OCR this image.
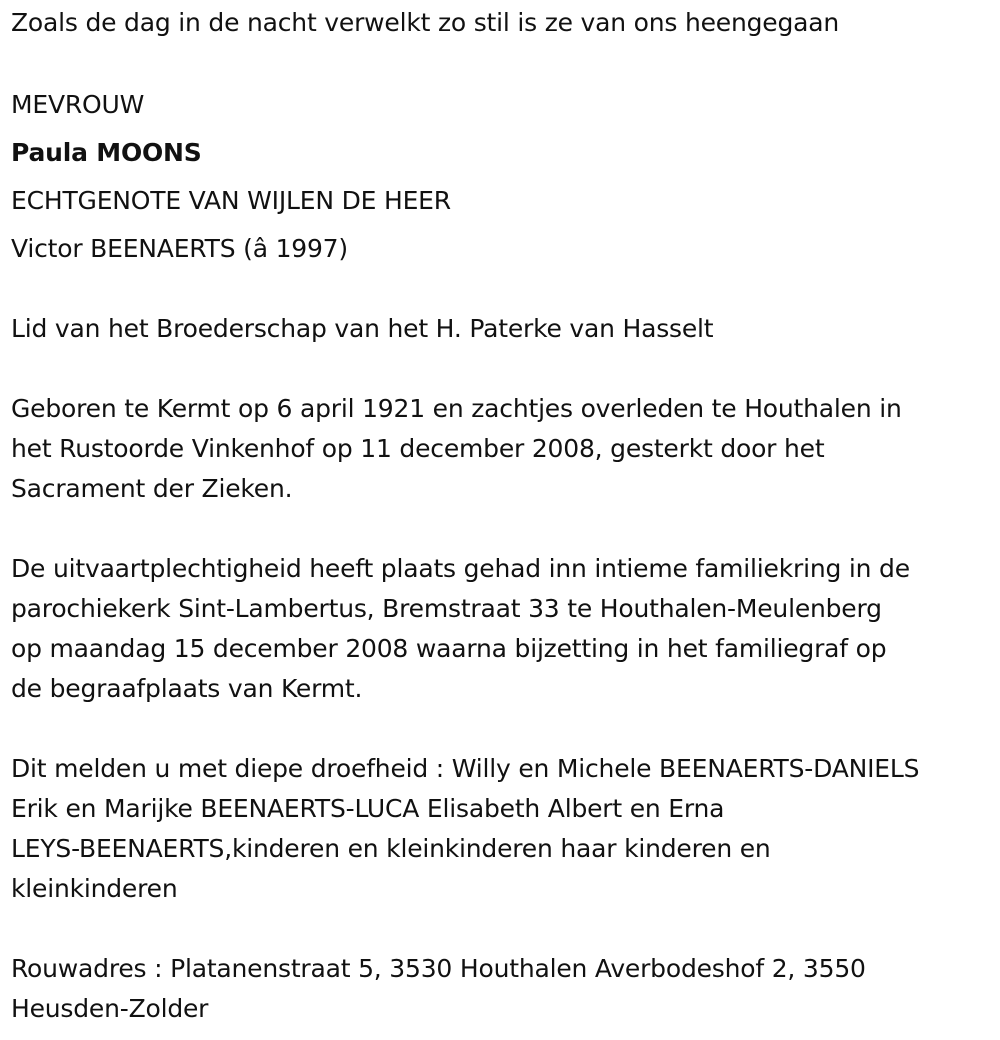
Zoals de dag in de nacht verwelkt zo stil is ze van ons heengegaan
MEVROUW
Paula MOONS
ECHTGENOTE VAN WIJLEN DE HEER
Victor BEENAERTS (â 1997)
Lid van het Broederschap van het H. Paterke van Hasselt
Geboren te Kermt op 6 april 1921 en zachtjes overleden te Houthalen in
het Rustoorde Vinkenhof op 11 december 2008, gesterkt door het
Sacrament der Zieken.
De uitvaartplechtigheid heeft plaats gehad inn intieme familiekring in de
parochiekerk Sint-Lambertus, Bremstraat 33 te Houthalen-Meulenberg
op maandag 15 december 2008 waarna bijzetting in het familiegraf op
de begraafplaats van Kermt.
Dit melden u met diepe droefheid : Willy en Michele BEENAERTS-DANIELS
Erik en Marijke BEENAERTS-LUCA Elisabeth Albert en Erna
LEYS-BEENAERTS,kinderen en kleinkinderen haar kinderen en
kleinkinderen
Rouwadres : Platanenstraat 5, 3530 Houthalen Averbodeshof 2, 3550
Heusden-Zolder
